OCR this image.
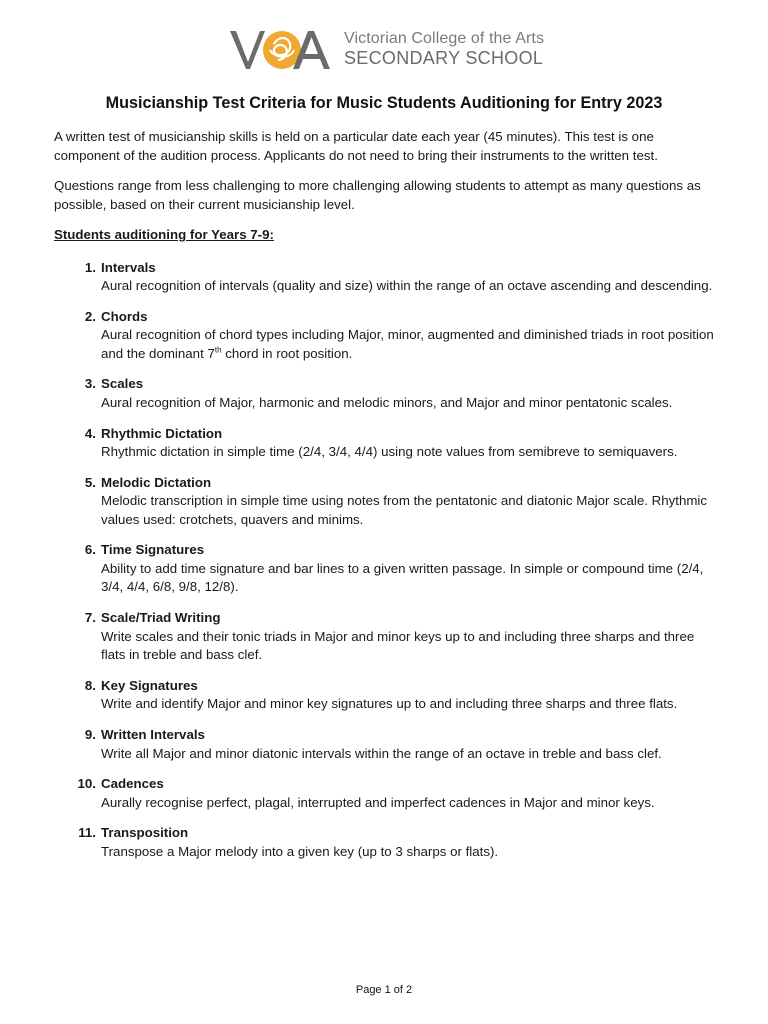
Victorian College of the Arts
SECONDARY SCHOOL
Musicianship Test Criteria for Music Students Auditioning for Entry 2023

A written test of musicianship skills is held on a particular date each year (45 minutes). This test is one component of the audition process. Applicants do not need to bring their instruments to the written test.

Questions range from less challenging to more challenging allowing students to attempt as many questions as possible, based on their current musicianship level.

Students auditioning for Years 7-9:

1. Intervals
Aural recognition of intervals (quality and size) within the range of an octave ascending and descending.
2. Chords
Aural recognition of chord types including Major, minor, augmented and diminished triads in root position and the dominant 7th chord in root position.
3. Scales
Aural recognition of Major, harmonic and melodic minors, and Major and minor pentatonic scales.
4. Rhythmic Dictation
Rhythmic dictation in simple time (2/4, 3/4, 4/4) using note values from semibreve to semiquavers.
5. Melodic Dictation
Melodic transcription in simple time using notes from the pentatonic and diatonic Major scale. Rhythmic values used: crotchets, quavers and minims.
6. Time Signatures
Ability to add time signature and bar lines to a given written passage. In simple or compound time (2/4, 3/4, 4/4, 6/8, 9/8, 12/8).
7. Scale/Triad Writing
Write scales and their tonic triads in Major and minor keys up to and including three sharps and three flats in treble and bass clef.
8. Key Signatures
Write and identify Major and minor key signatures up to and including three sharps and three flats.
9. Written Intervals
Write all Major and minor diatonic intervals within the range of an octave in treble and bass clef.
10. Cadences
Aurally recognise perfect, plagal, interrupted and imperfect cadences in Major and minor keys.
11. Transposition
Transpose a Major melody into a given key (up to 3 sharps or flats).
Page 1 of 2
